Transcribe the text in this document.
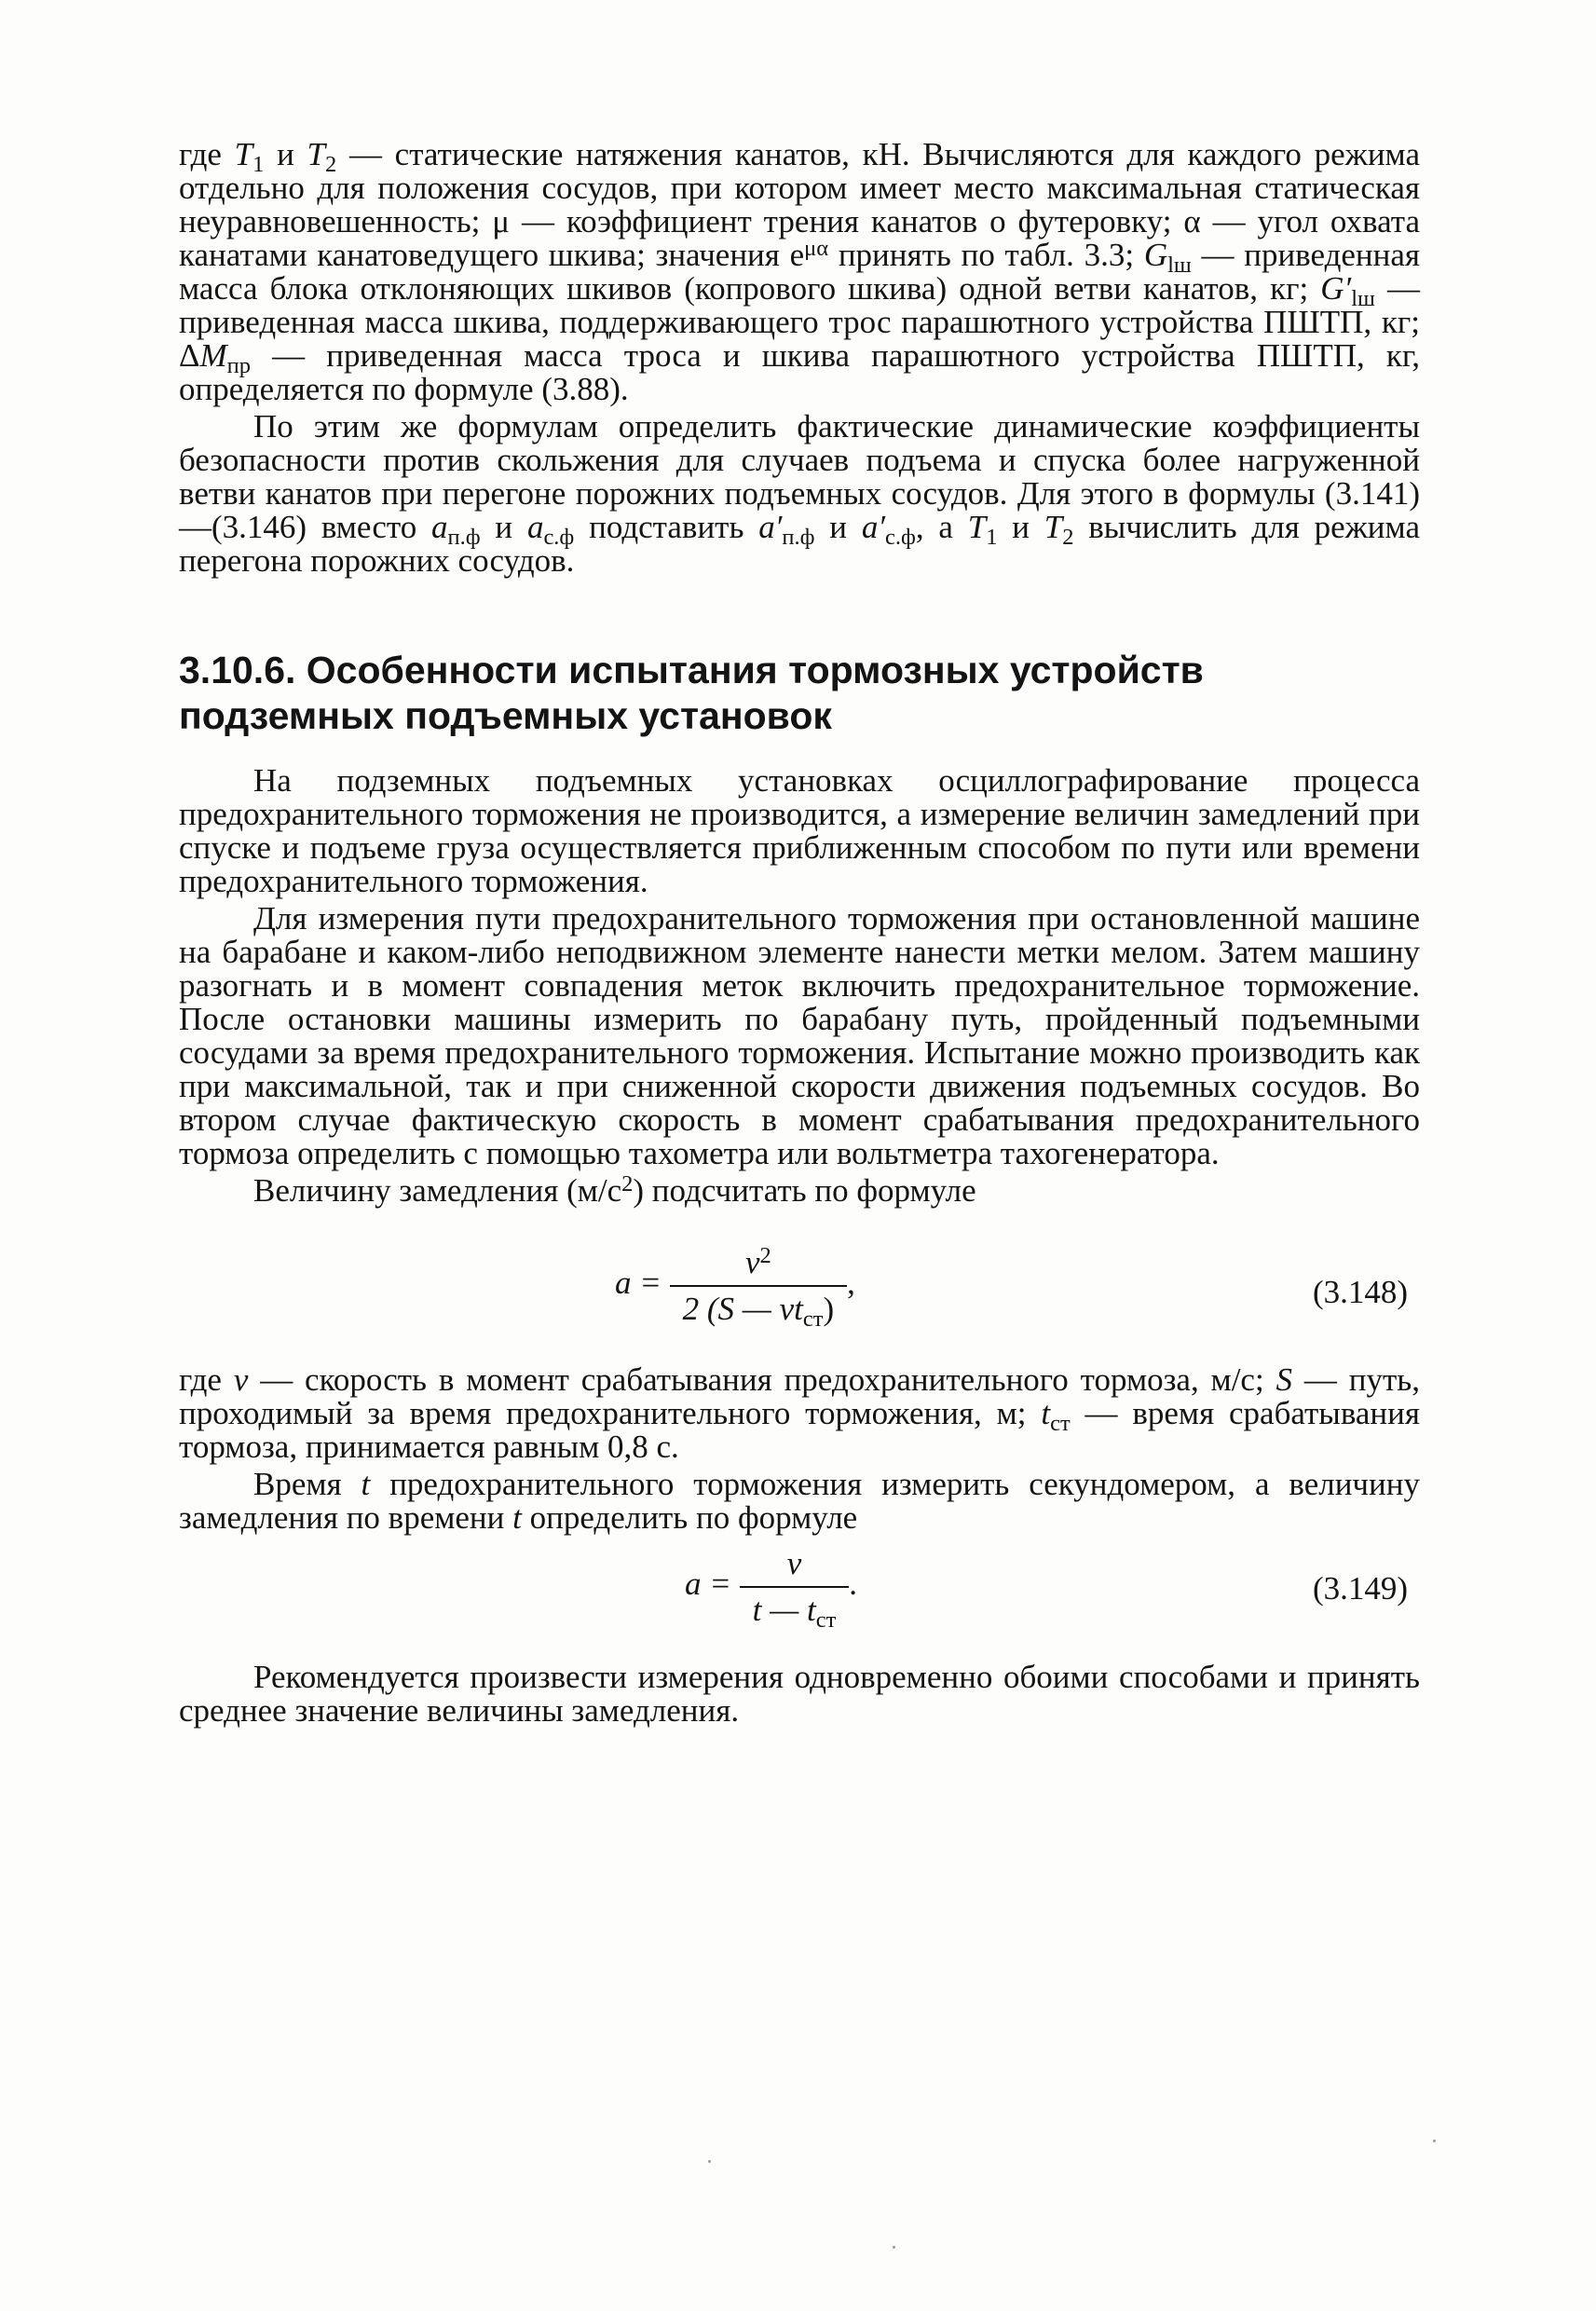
где $T_1$ и $T_2$ — статические натяжения канатов, кН. Вычисляются для каждого режима отдельно для положения сосудов, при котором имеет место максимальная статическая неуравновешенность; μ — коэффициент трения канатов о футеровку; α — угол охвата канатами канатоведущего шкива; значения $e^{\mu\alpha}$ принять по табл. 3.3; $G_{lш}$ — приведенная масса блока отклоняющих шкивов (копрового шкива) одной ветви канатов, кг; $G'_{lш}$ — приведенная масса шкива, поддерживающего трос парашютного устройства ПШТП, кг; $\Delta M_{пр}$ — приведенная масса троса и шкива парашютного устройства ПШТП, кг, определяется по формуле (3.88).

По этим же формулам определить фактические динамические коэффициенты безопасности против скольжения для случаев подъема и спуска более нагруженной ветви канатов при перегоне порожних подъемных сосудов. Для этого в формулы (3.141)—(3.146) вместо $a_{п.ф}$ и $a_{с.ф}$ подставить $a'_{п.ф}$ и $a'_{с.ф}$, а $T_1$ и $T_2$ вычислить для режима перегона порожних сосудов.

3.10.6. Особенности испытания тормозных устройств
подземных подъемных установок

На подземных подъемных установках осциллографирование процесса предохранительного торможения не производится, а измерение величин замедлений при спуске и подъеме груза осуществляется приближенным способом по пути или времени предохранительного торможения.

Для измерения пути предохранительного торможения при остановленной машине на барабане и каком-либо неподвижном элементе нанести метки мелом. Затем машину разогнать и в момент совпадения меток включить предохранительное торможение. После остановки машины измерить по барабану путь, пройденный подъемными сосудами за время предохранительного торможения. Испытание можно производить как при максимальной, так и при сниженной скорости движения подъемных сосудов. Во втором случае фактическую скорость в момент срабатывания предохранительного тормоза определить с помощью тахометра или вольтметра тахогенератора.

Величину замедления $(м/с^2)$ подсчитать по формуле

$a = \frac{v^2}{2 (S — vt_{ст})}$ ,	(3.148)

где v — скорость в момент срабатывания предохранительного тормоза, м/с; S — путь, проходимый за время предохранительного торможения, м; $t_{ст}$ — время срабатывания тормоза, принимается равным 0,8 с.

Время t предохранительного торможения измерить секундомером, а величину замедления по времени t определить по формуле

$a = \frac{v}{t — t_{ст}}$ .	(3.149)

Рекомендуется произвести измерения одновременно обоими способами и принять среднее значение величины замедления.
